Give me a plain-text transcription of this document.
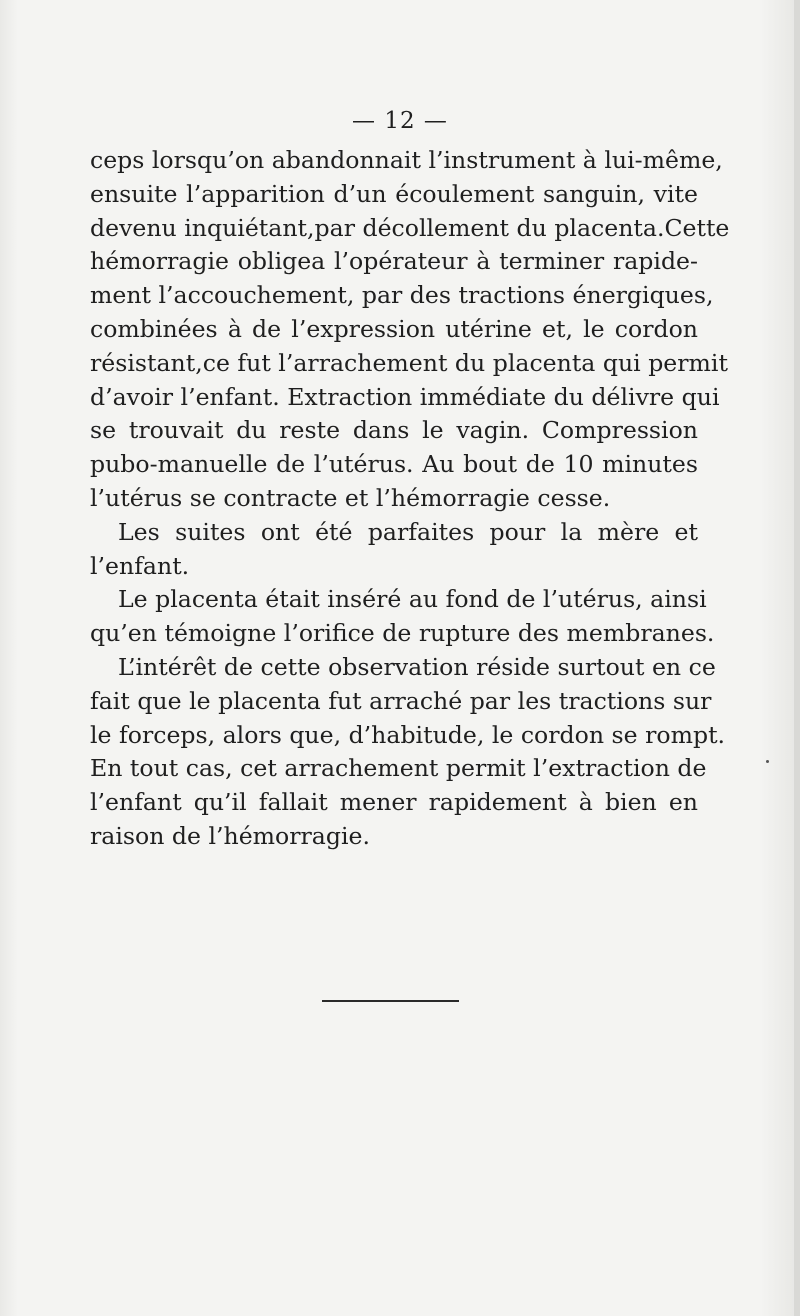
— 12 —
ceps lorsqu’on abandonnait l’instrument à lui-même,
ensuite l’apparition d’un écoulement sanguin, vite
devenu inquiétant,par décollement du placenta.Cette
hémorragie obligea l’opérateur à terminer rapide-
ment l’accouchement, par des tractions énergiques,
combinées à de l’expression utérine et, le cordon
résistant,ce fut l’arrachement du placenta qui permit
d’avoir l’enfant. Extraction immédiate du délivre qui
se trouvait du reste dans le vagin. Compression
pubo-manuelle de l’utérus. Au bout de 10 minutes
l’utérus se contracte et l’hémorragie cesse.
Les suites ont été parfaites pour la mère et
l’enfant.
Le placenta était inséré au fond de l’utérus, ainsi
qu’en témoigne l’orifice de rupture des membranes.
L’intérêt de cette observation réside surtout en ce
fait que le placenta fut arraché par les tractions sur
le forceps, alors que, d’habitude, le cordon se rompt.
En tout cas, cet arrachement permit l’extraction de
l’enfant qu’il fallait mener rapidement à bien en
raison de l’hémorragie.
